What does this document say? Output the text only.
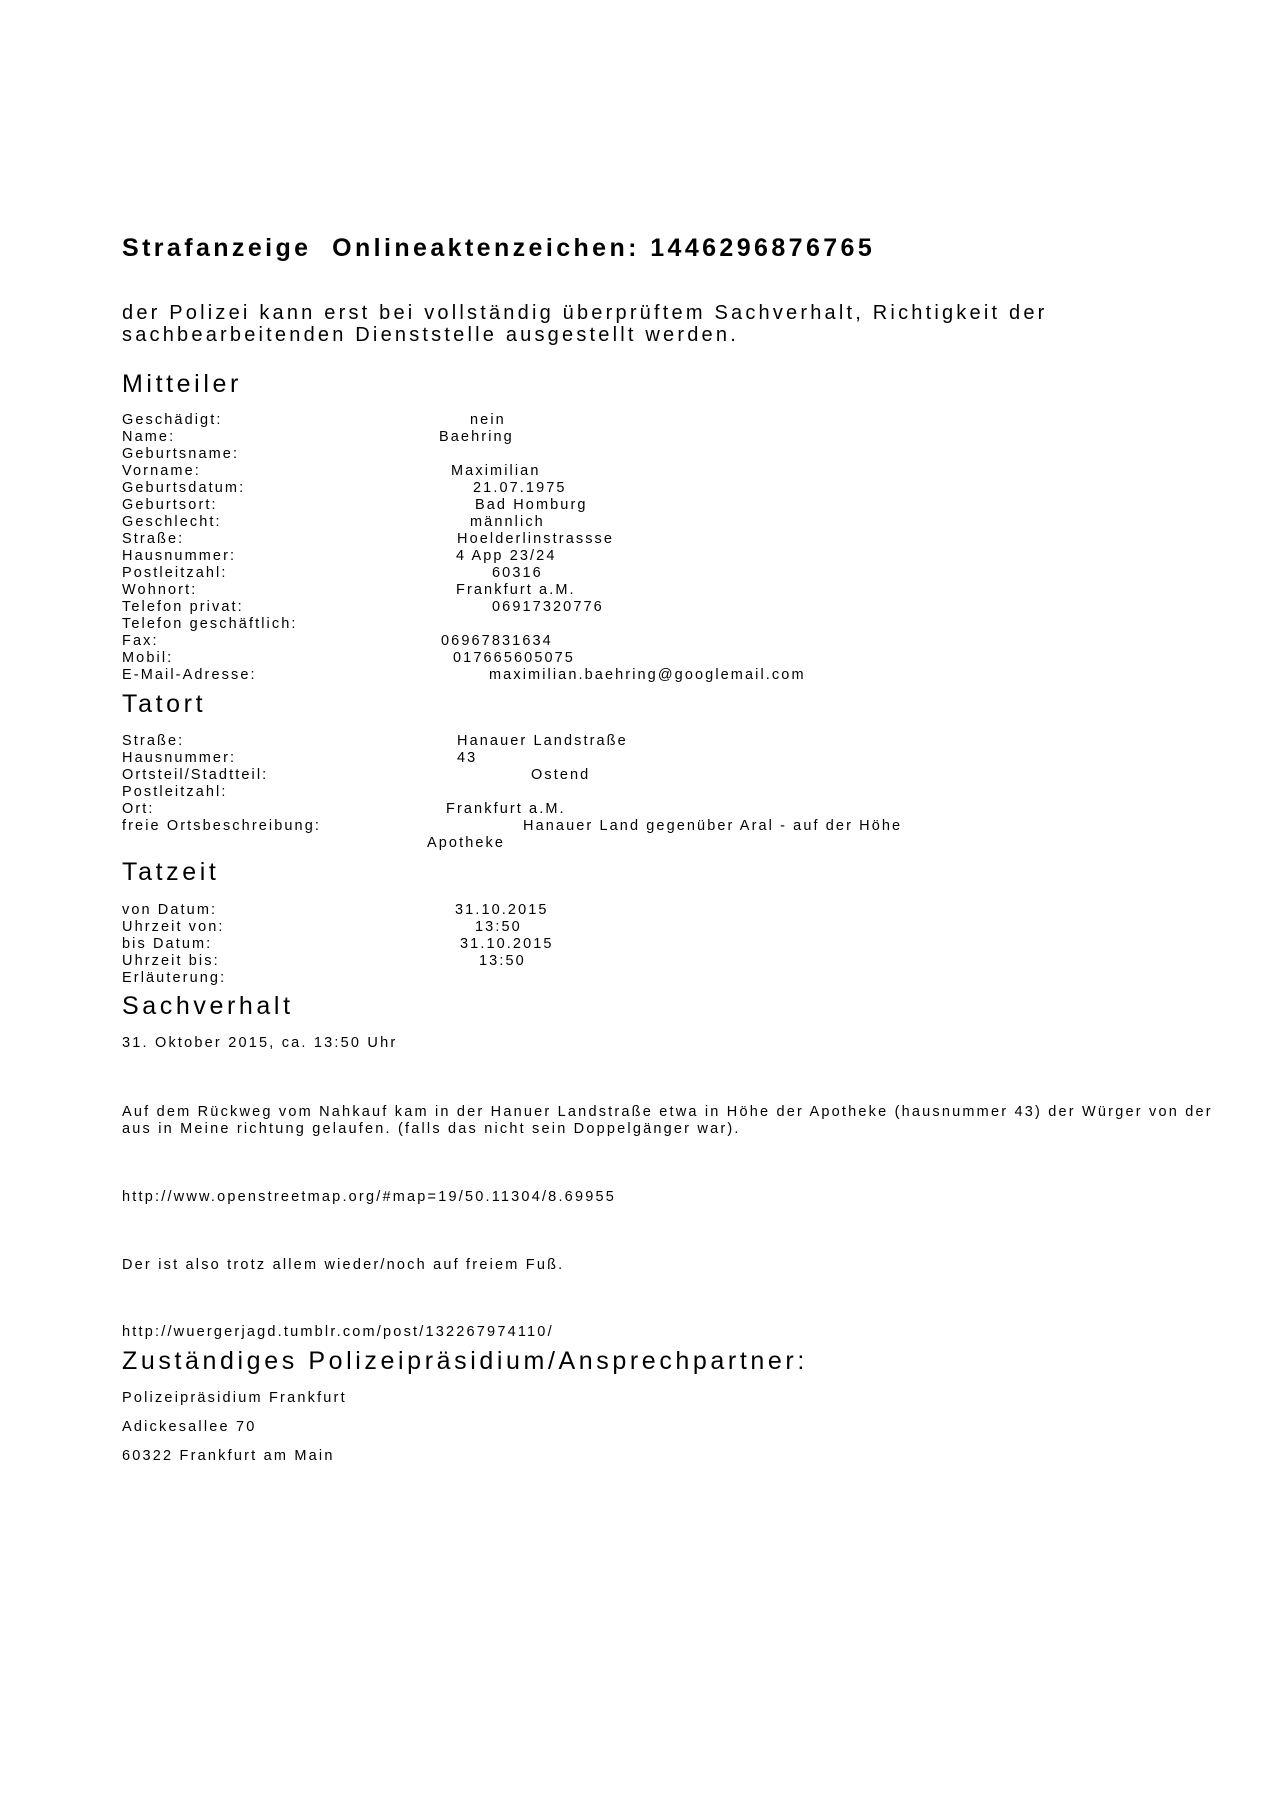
Strafanzeige  Onlineaktenzeichen: 1446296876765
der Polizei kann erst bei vollständig überprüftem Sachverhalt, Richtigkeit der
sachbearbeitenden Dienststelle ausgestellt werden.
Mitteiler
Geschädigt:	nein
Name:	Baehring
Geburtsname:
Vorname:	Maximilian
Geburtsdatum:	21.07.1975
Geburtsort:	Bad Homburg
Geschlecht:	männlich
Straße:	Hoelderlinstrassse
Hausnummer:	4 App 23/24
Postleitzahl:	60316
Wohnort:	Frankfurt a.M.
Telefon privat:	06917320776
Telefon geschäftlich:
Fax:	06967831634
Mobil:	017665605075
E-Mail-Adresse:	maximilian.baehring@googlemail.com
Tatort
Straße:	Hanauer Landstraße
Hausnummer:	43
Ortsteil/Stadtteil:	Ostend
Postleitzahl:
Ort:	Frankfurt a.M.
freie Ortsbeschreibung:	Hanauer Land gegenüber Aral - auf der Höhe
Apotheke
Tatzeit
von Datum:	31.10.2015
Uhrzeit von:	13:50
bis Datum:	31.10.2015
Uhrzeit bis:	13:50
Erläuterung:
Sachverhalt
31. Oktober 2015, ca. 13:50 Uhr
Auf dem Rückweg vom Nahkauf kam in der Hanuer Landstraße etwa in Höhe der Apotheke (hausnummer 43) der Würger von der
aus in Meine richtung gelaufen. (falls das nicht sein Doppelgänger war).
http://www.openstreetmap.org/#map=19/50.11304/8.69955
Der ist also trotz allem wieder/noch auf freiem Fuß.
http://wuergerjagd.tumblr.com/post/132267974110/
Zuständiges Polizeipräsidium/Ansprechpartner:
Polizeipräsidium Frankfurt
Adickesallee 70
60322 Frankfurt am Main
